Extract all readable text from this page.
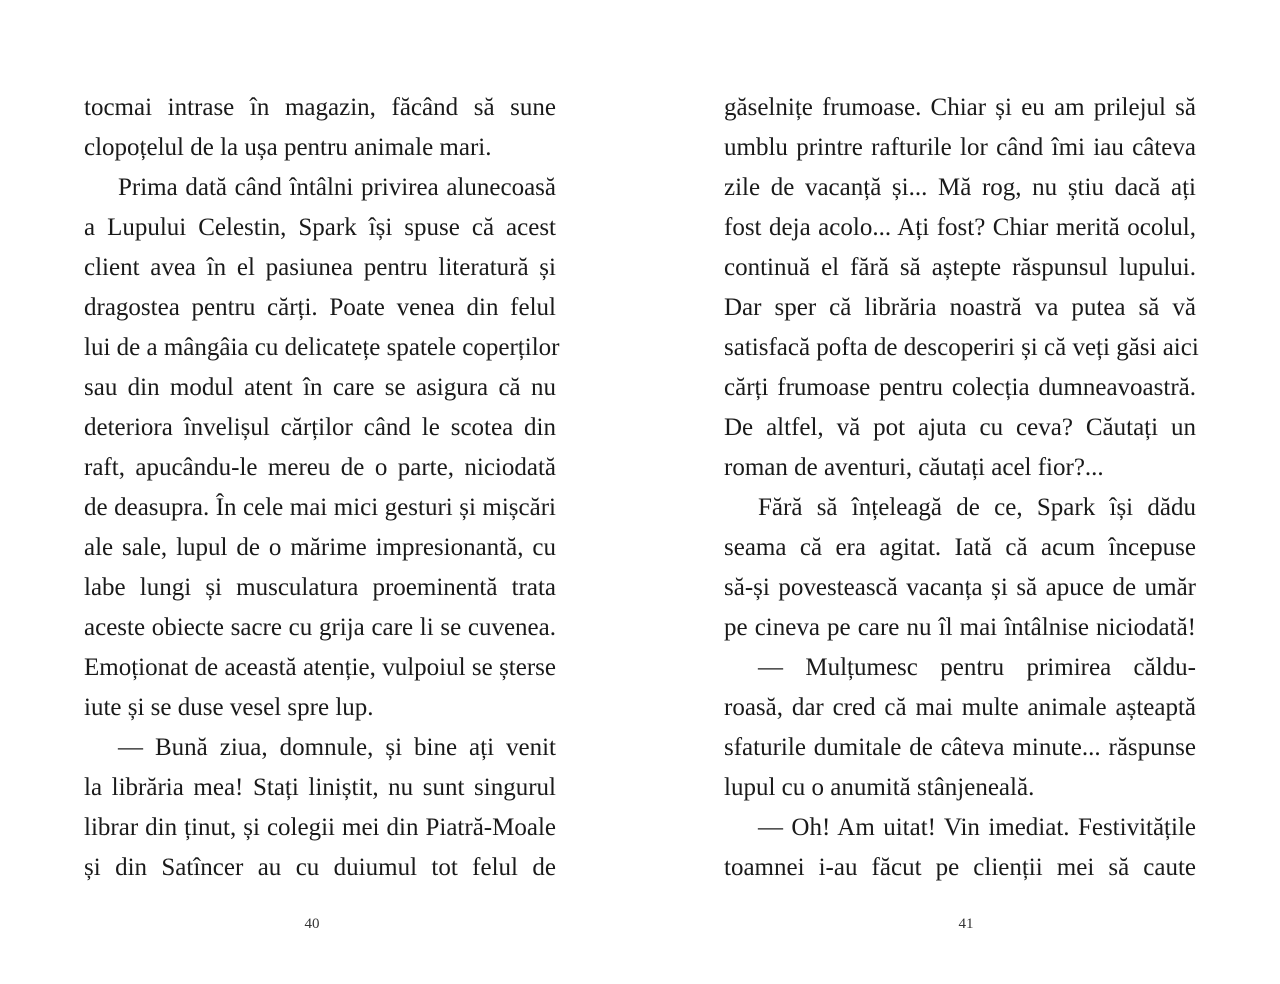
tocmai intrase în magazin, făcând să sune
clopoțelul de la ușa pentru animale mari.
Prima dată când întâlni privirea alunecoasă
a Lupului Celestin, Spark își spuse că acest
client avea în el pasiunea pentru literatură și
dragostea pentru cărți. Poate venea din felul
lui de a mângâia cu delicatețe spatele coperților
sau din modul atent în care se asigura că nu
deteriora învelișul cărților când le scotea din
raft, apucându-le mereu de o parte, niciodată
de deasupra. În cele mai mici gesturi și mișcări
ale sale, lupul de o mărime impresionantă, cu
labe lungi și musculatura proeminentă trata
aceste obiecte sacre cu grija care li se cuvenea.
Emoționat de această atenție, vulpoiul se șterse
iute și se duse vesel spre lup.
— Bună ziua, domnule, și bine ați venit
la librăria mea! Stați liniștit, nu sunt singurul
librar din ținut, și colegii mei din Piatră-Moale
și din Satîncer au cu duiumul tot felul de
găselnițe frumoase. Chiar și eu am prilejul să
umblu printre rafturile lor când îmi iau câteva
zile de vacanță și... Mă rog, nu știu dacă ați
fost deja acolo... Ați fost? Chiar merită ocolul,
continuă el fără să aștepte răspunsul lupului.
Dar sper că librăria noastră va putea să vă
satisfacă pofta de descoperiri și că veți găsi aici
cărți frumoase pentru colecția dumneavoastră.
De altfel, vă pot ajuta cu ceva? Căutați un
roman de aventuri, căutați acel fior?...
Fără să înțeleagă de ce, Spark își dădu
seama că era agitat. Iată că acum începuse
să-și povestească vacanța și să apuce de umăr
pe cineva pe care nu îl mai întâlnise niciodată!
— Mulțumesc pentru primirea căldu-
roasă, dar cred că mai multe animale așteaptă
sfaturile dumitale de câteva minute... răspunse
lupul cu o anumită stânjeneală.
— Oh! Am uitat! Vin imediat. Festivitățile
toamnei i-au făcut pe clienții mei să caute
40	41
